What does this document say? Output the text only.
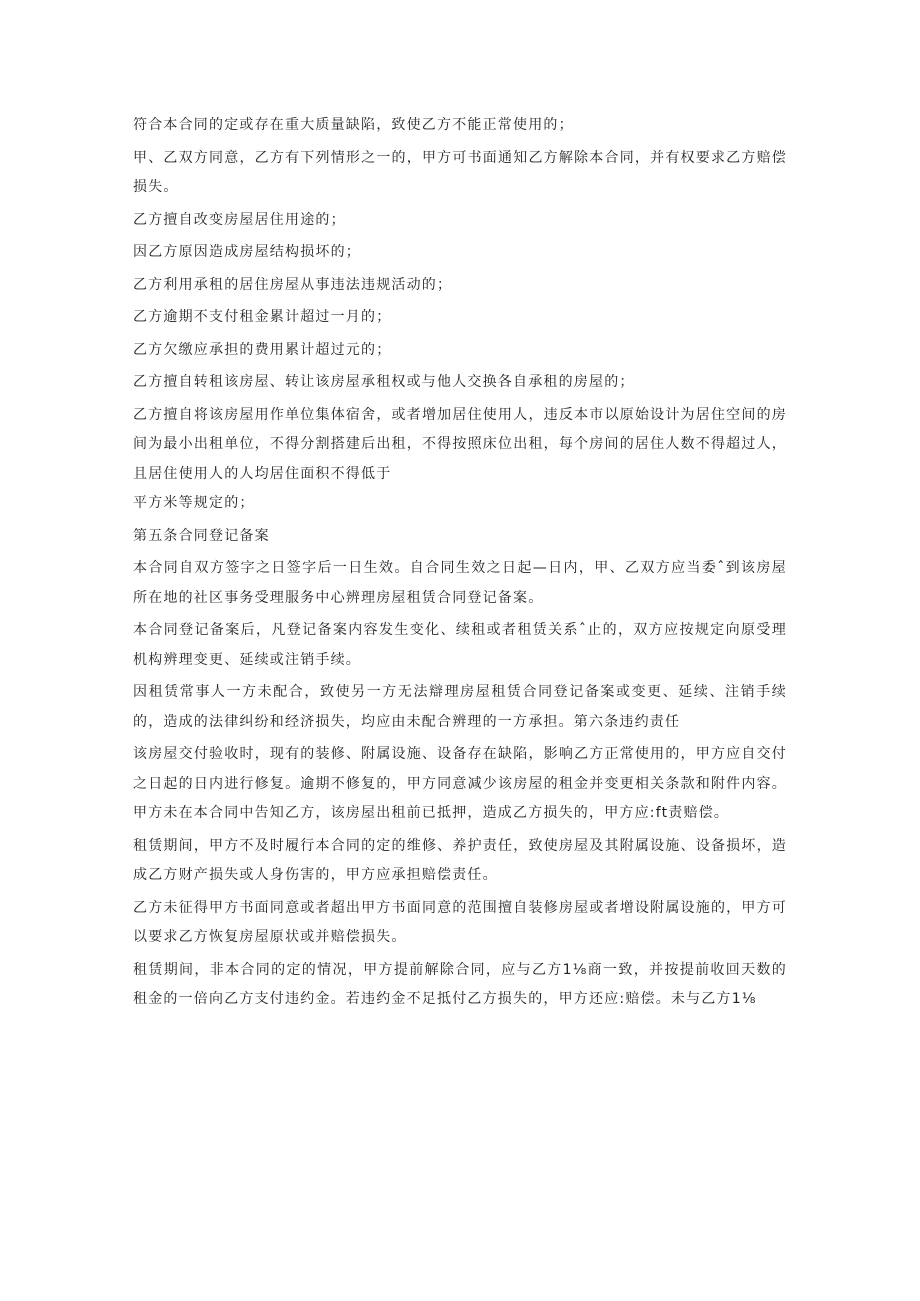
符合本合同的定或存在重大质量缺陷，致使乙方不能正常使用的；

甲、乙双方同意，乙方有下列情形之一的，甲方可书面通知乙方解除本合同，并有权要求乙方赔偿损失。

乙方擅自改变房屋居住用途的；

因乙方原因造成房屋结构损坏的；

乙方利用承租的居住房屋从事违法违规活动的；

乙方逾期不支付租金累计超过一月的；

乙方欠缴应承担的费用累计超过元的；

乙方擅自转租该房屋、转让该房屋承租权或与他人交换各自承租的房屋的；

乙方擅自将该房屋用作单位集体宿舍，或者增加居住使用人，违反本市以原始设计为居住空间的房间为最小出租单位，不得分割搭建后出租，不得按照床位出租，每个房间的居住人数不得超过人，且居住使用人的人均居住面积不得低于

平方米等规定的；

第五条合同登记备案

本合同自双方签字之日签字后一日生效。自合同生效之日起—日内，甲、乙双方应当委ˆ到该房屋所在地的社区事务受理服务中心辨理房屋租赁合同登记备案。

本合同登记备案后，凡登记备案内容发生变化、续租或者租赁关系ˆ止的，双方应按规定向原受理机构辨理变更、延续或注销手续。

因租赁常事人一方未配合，致使另一方无法辯理房屋租赁合同登记备案或变更、延续、注销手续的，造成的法律纠纷和经济损失，均应由未配合辨理的一方承担。第六条违约责任

该房屋交付验收时，现有的装修、附属设施、设备存在缺陷，影响乙方正常使用的，甲方应自交付之日起的日内进行修复。逾期不修复的，甲方同意减少该房屋的租金并变更相关条款和附件内容。甲方未在本合同中告知乙方，该房屋出租前已抵押，造成乙方损失的，甲方应:ft责赔偿。

租赁期间，甲方不及时履行本合同的定的维修、养护责任，致使房屋及其附属设施、设备损坏，造成乙方财产损失或人身伤害的，甲方应承担赔偿责任。

乙方未征得甲方书面同意或者超出甲方书面同意的范围擅自装修房屋或者增设附属设施的，甲方可以要求乙方恢复房屋原状或并赔偿损失。

租赁期间，非本合同的定的情况，甲方提前解除合同，应与乙方1⅛商一致，并按提前收回天数的租金的一倍向乙方支付违约金。若违约金不足抵付乙方损失的，甲方还应:赔偿。未与乙方1⅛
